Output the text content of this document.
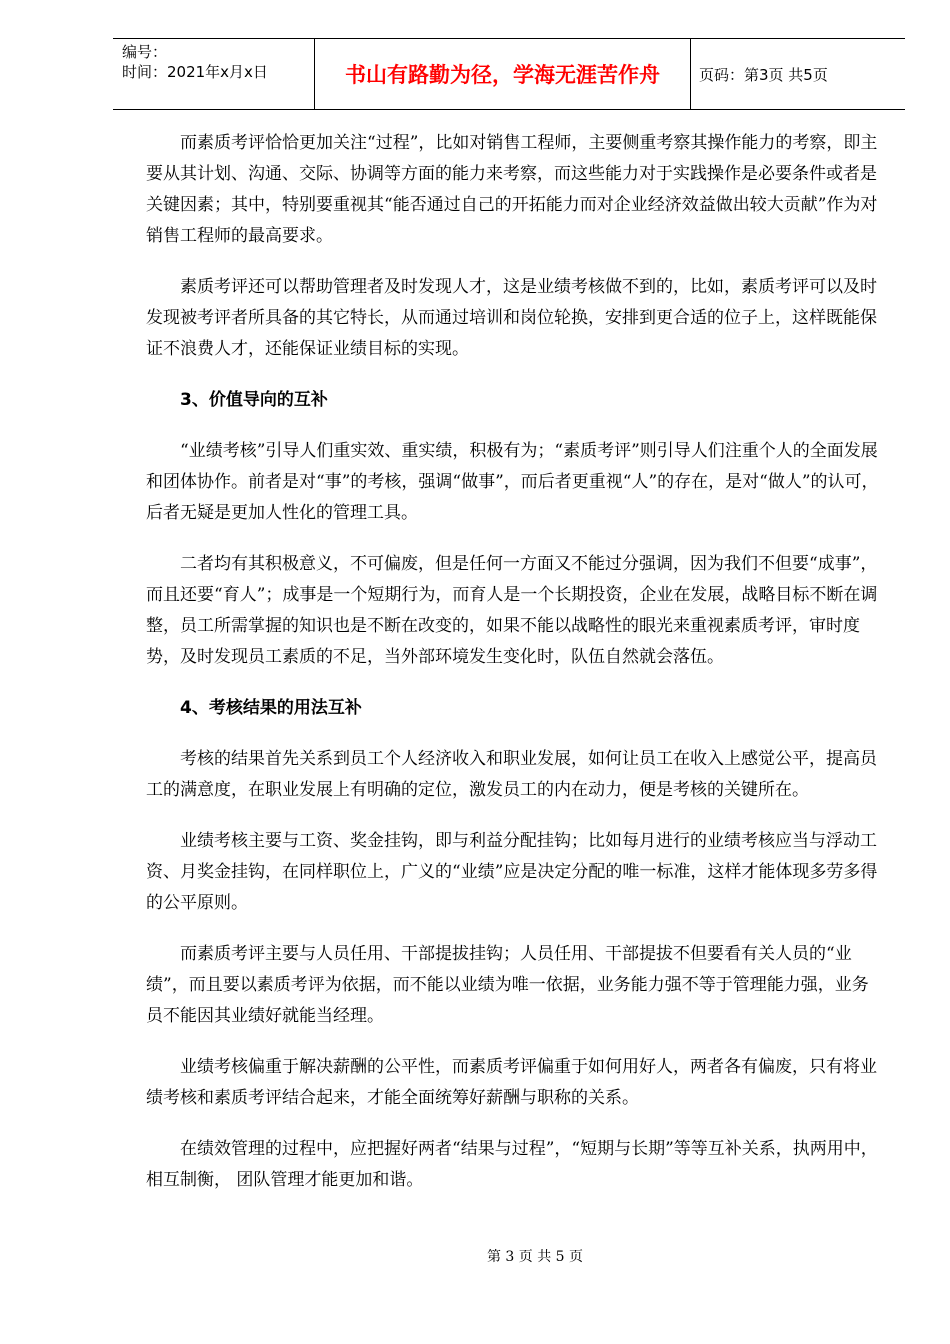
编号：
时间：2021年x月x日	书山有路勤为径，学海无涯苦作舟	页码：第3页 共5页

而素质考评恰恰更加关注“过程”，比如对销售工程师，主要侧重考察其操作能力的考察，即主要从其计划、沟通、交际、协调等方面的能力来考察，而这些能力对于实践操作是必要条件或者是关键因素；其中，特别要重视其“能否通过自己的开拓能力而对企业经济效益做出较大贡献”作为对销售工程师的最高要求。

素质考评还可以帮助管理者及时发现人才，这是业绩考核做不到的，比如，素质考评可以及时发现被考评者所具备的其它特长，从而通过培训和岗位轮换，安排到更合适的位子上，这样既能保证不浪费人才，还能保证业绩目标的实现。

3、价值导向的互补

“业绩考核”引导人们重实效、重实绩，积极有为；“素质考评”则引导人们注重个人的全面发展和团体协作。前者是对“事”的考核，强调“做事”，而后者更重视“人”的存在，是对“做人”的认可，后者无疑是更加人性化的管理工具。

二者均有其积极意义，不可偏废，但是任何一方面又不能过分强调，因为我们不但要“成事”，而且还要“育人”；成事是一个短期行为，而育人是一个长期投资，企业在发展，战略目标不断在调整，员工所需掌握的知识也是不断在改变的，如果不能以战略性的眼光来重视素质考评，审时度势，及时发现员工素质的不足，当外部环境发生变化时，队伍自然就会落伍。

4、考核结果的用法互补

考核的结果首先关系到员工个人经济收入和职业发展，如何让员工在收入上感觉公平，提高员工的满意度，在职业发展上有明确的定位，激发员工的内在动力，便是考核的关键所在。

业绩考核主要与工资、奖金挂钩，即与利益分配挂钩；比如每月进行的业绩考核应当与浮动工资、月奖金挂钩，在同样职位上，广义的“业绩”应是决定分配的唯一标准，这样才能体现多劳多得的公平原则。

而素质考评主要与人员任用、干部提拔挂钩；人员任用、干部提拔不但要看有关人员的“业绩”，而且要以素质考评为依据，而不能以业绩为唯一依据，业务能力强不等于管理能力强，业务员不能因其业绩好就能当经理。

业绩考核偏重于解决薪酬的公平性，而素质考评偏重于如何用好人，两者各有偏废，只有将业绩考核和素质考评结合起来，才能全面统筹好薪酬与职称的关系。

在绩效管理的过程中，应把握好两者“结果与过程”，“短期与长期”等等互补关系，执两用中，相互制衡， 团队管理才能更加和谐。

第 3 页 共 5 页
